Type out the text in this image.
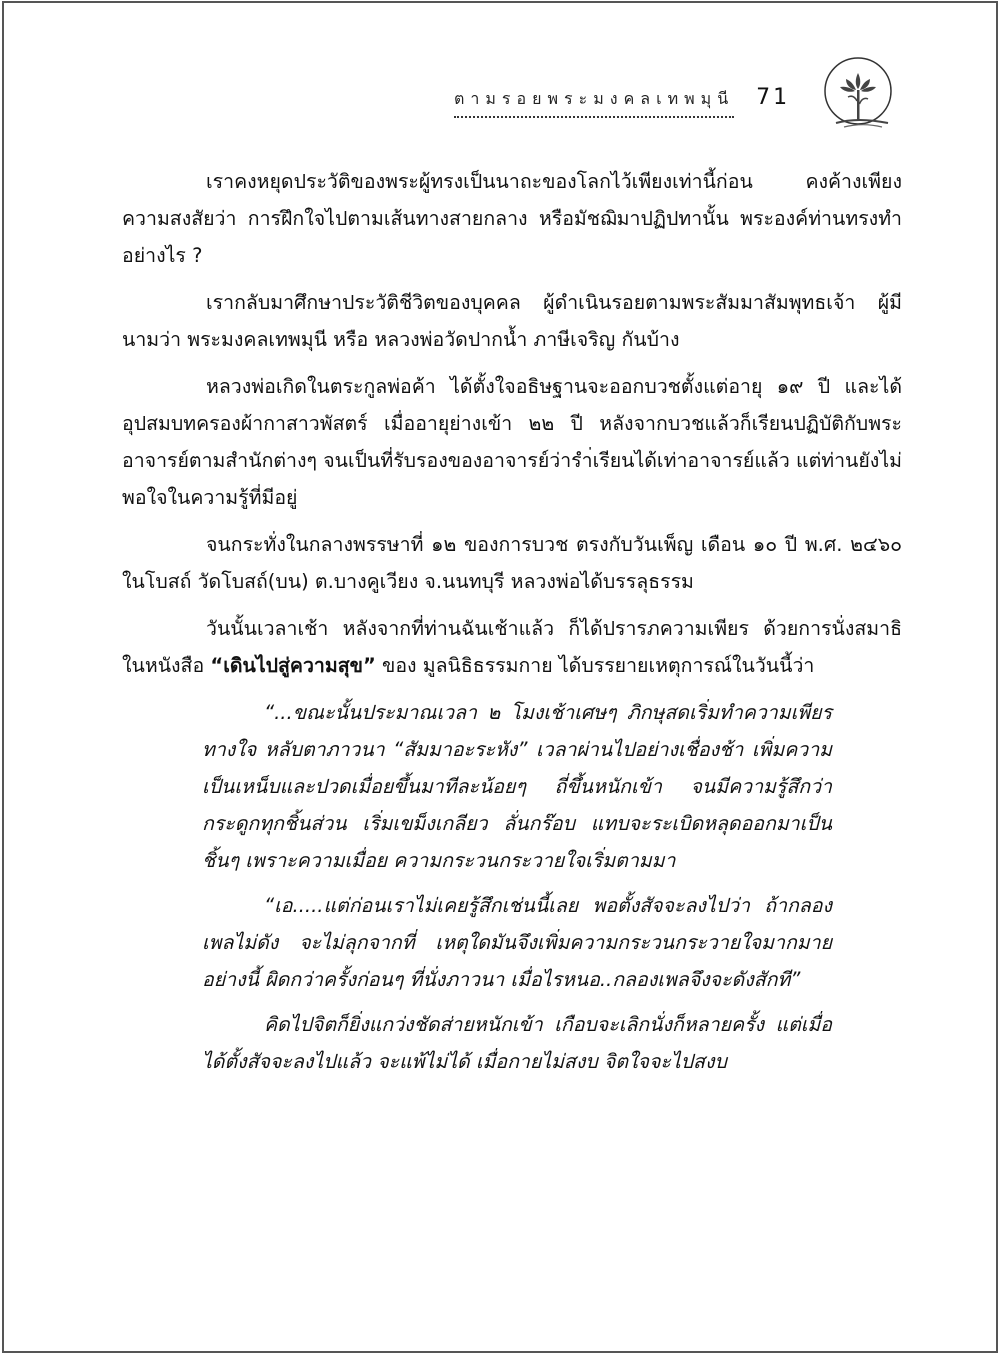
ตามรอยพระมงคลเทพมุนี 71

เราคงหยุดประวัติของพระผู้ทรงเป็นนาถะของโลกไว้เพียงเท่านี้ก่อน คงค้างเพียงความสงสัยว่า การฝึกใจไปตามเส้นทางสายกลาง หรือมัชฌิมาปฏิปทานั้น พระองค์ท่านทรงทำอย่างไร ?

เรากลับมาศึกษาประวัติชีวิตของบุคคล ผู้ดำเนินรอยตามพระสัมมาสัมพุทธเจ้า ผู้มีนามว่า พระมงคลเทพมุนี หรือ หลวงพ่อวัดปากน้ำ ภาษีเจริญ กันบ้าง

หลวงพ่อเกิดในตระกูลพ่อค้า ได้ตั้งใจอธิษฐานจะออกบวชตั้งแต่อายุ ๑๙ ปี และได้อุปสมบทครองผ้ากาสาวพัสตร์ เมื่ออายุย่างเข้า ๒๒ ปี หลังจากบวชแล้วก็เรียนปฏิบัติกับพระอาจารย์ตามสำนักต่างๆ จนเป็นที่รับรองของอาจารย์ว่ารำ่เรียนได้เท่าอาจารย์แล้ว แต่ท่านยังไม่พอใจในความรู้ที่มีอยู่

จนกระทั่งในกลางพรรษาที่ ๑๒ ของการบวช ตรงกับวันเพ็ญ เดือน ๑๐ ปี พ.ศ. ๒๔๖๐ ในโบสถ์ วัดโบสถ์(บน) ต.บางคูเวียง จ.นนทบุรี หลวงพ่อได้บรรลุธรรม

วันนั้นเวลาเช้า หลังจากที่ท่านฉันเช้าแล้ว ก็ได้ปรารภความเพียร ด้วยการนั่งสมาธิ ในหนังสือ “เดินไปสู่ความสุข” ของ มูลนิธิธรรมกาย ได้บรรยายเหตุการณ์ในวันนี้ว่า

“...ขณะนั้นประมาณเวลา ๒ โมงเช้าเศษๆ ภิกษุสดเริ่มทำความเพียรทางใจ หลับตาภาวนา “สัมมาอะระหัง” เวลาผ่านไปอย่างเชื่องช้า เพิ่มความเป็นเหน็บและปวดเมื่อยขึ้นมาทีละน้อยๆ ถี่ขึ้นหนักเข้า จนมีความรู้สึกว่ากระดูกทุกชิ้นส่วน เริ่มเขม็งเกลียว ลั่นกร๊อบ แทบจะระเบิดหลุดออกมาเป็นชิ้นๆ เพราะความเมื่อย ความกระวนกระวายใจเริ่มตามมา

“เอ.....แต่ก่อนเราไม่เคยรู้สึกเช่นนี้เลย พอตั้งสัจจะลงไปว่า ถ้ากลองเพลไม่ดัง จะไม่ลุกจากที่ เหตุใดมันจึงเพิ่มความกระวนกระวายใจมากมายอย่างนี้ ผิดกว่าครั้งก่อนๆ ที่นั่งภาวนา เมื่อไรหนอ..กลองเพลจึงจะดังสักที”

คิดไปจิตก็ยิ่งแกว่งชัดส่ายหนักเข้า เกือบจะเลิกนั่งก็หลายครั้ง แต่เมื่อได้ตั้งสัจจะลงไปแล้ว จะแพ้ไม่ได้ เมื่อกายไม่สงบ จิตใจจะไปสงบ
